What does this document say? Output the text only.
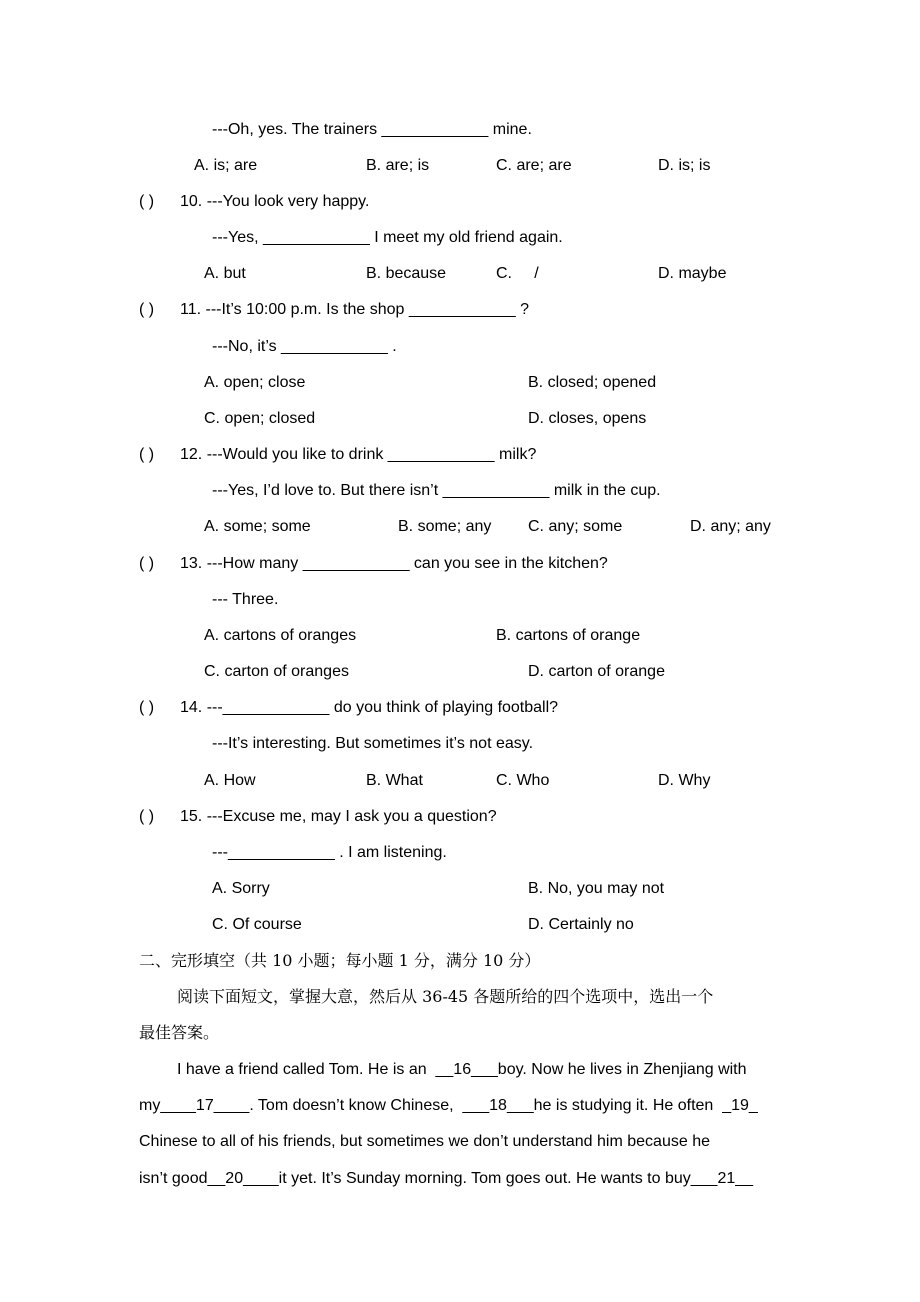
---Oh, yes. The trainers ____________ mine.
A. is; are	B. are; is	C. are; are	D. is; is
( ) 10. ---You look very happy.
---Yes, ____________ I meet my old friend again.
A. but	B. because	C.     /	D. maybe
( ) 11. ---It’s 10:00 p.m. Is the shop ____________ ?
---No, it’s ____________ .
A. open; close	B. closed; opened
C. open; closed	D. closes, opens
( ) 12. ---Would you like to drink ____________ milk?
---Yes, I’d love to. But there isn’t ____________ milk in the cup.
A. some; some	B. some; any C. any; some	D. any; any
( ) 13. ---How many ____________ can you see in the kitchen?
--- Three.
A. cartons of oranges	B. cartons of orange
C. carton of oranges	D. carton of orange
( ) 14. ---____________ do you think of playing football?
---It’s interesting. But sometimes it’s not easy.
A. How	B. What	C. Who	D. Why
( ) 15. ---Excuse me, may I ask you a question?
---____________ . I am listening.
A. Sorry	B. No, you may not
C. Of course	D. Certainly no
二、完形填空（共 10 小题；每小题 1 分，满分 10 分）
阅读下面短文，掌握大意，然后从 36-45 各题所给的四个选项中，选出一个
最佳答案。
I have a friend called Tom. He is an  __16___boy. Now he lives in Zhenjiang with
my____17____. Tom doesn’t know Chinese,  ___18___he is studying it. He often  _19_
Chinese to all of his friends, but sometimes we don’t understand him because he
isn’t good__20____it yet. It’s Sunday morning. Tom goes out. He wants to buy___21__
